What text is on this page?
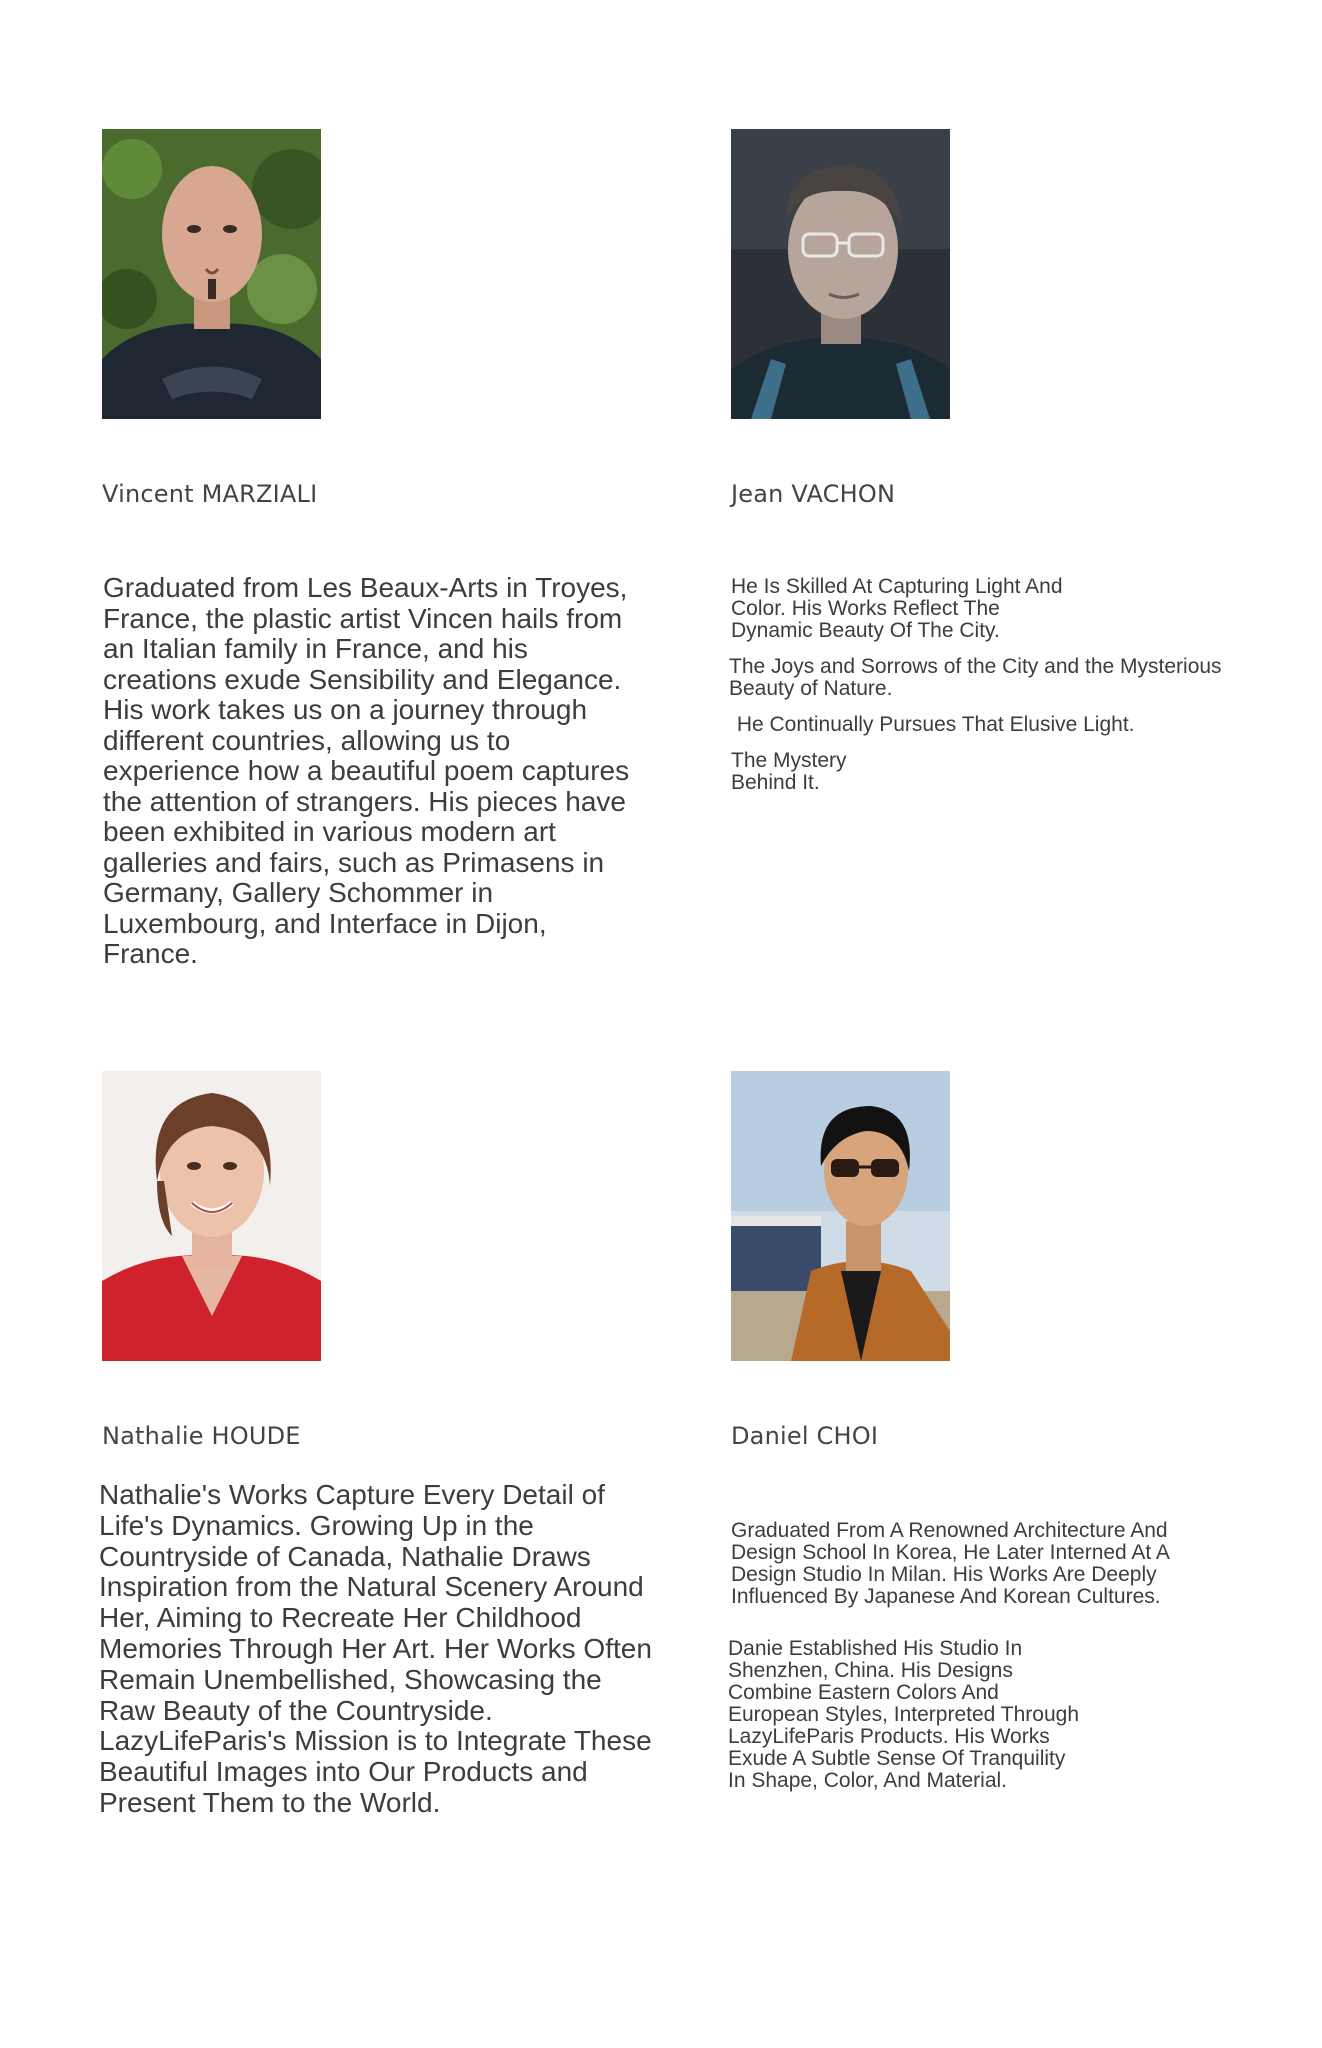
Vincent MARZIALI
Graduated from Les Beaux-Arts in Troyes, France, the plastic artist Vincen hails from an Italian family in France, and his creations exude Sensibility and Elegance. His work takes us on a journey through different countries, allowing us to experience how a beautiful poem captures the attention of strangers. His pieces have been exhibited in various modern art galleries and fairs, such as Primasens in Germany, Gallery Schommer in Luxembourg, and Interface in Dijon, France.
Jean VACHON

He Is Skilled At Capturing Light And Color. His Works Reflect The Dynamic Beauty Of The City.

The Joys and Sorrows of the City and the Mysterious Beauty of Nature.

He Continually Pursues That Elusive Light.

The Mystery Behind It.

Nathalie HOUDE
Nathalie's Works Capture Every Detail of Life's Dynamics. Growing Up in the Countryside of Canada, Nathalie Draws Inspiration from the Natural Scenery Around Her, Aiming to Recreate Her Childhood Memories Through Her Art. Her Works Often Remain Unembellished, Showcasing the Raw Beauty of the Countryside. LazyLifeParis's Mission is to Integrate These Beautiful Images into Our Products and Present Them to the World.
Daniel CHOI

Graduated From A Renowned Architecture And Design School In Korea, He Later Interned At A Design Studio In Milan. His Works Are Deeply Influenced By Japanese And Korean Cultures.

Danie Established His Studio In Shenzhen, China. His Designs Combine Eastern Colors And European Styles, Interpreted Through LazyLifeParis Products. His Works Exude A Subtle Sense Of Tranquility In Shape, Color, And Material.
